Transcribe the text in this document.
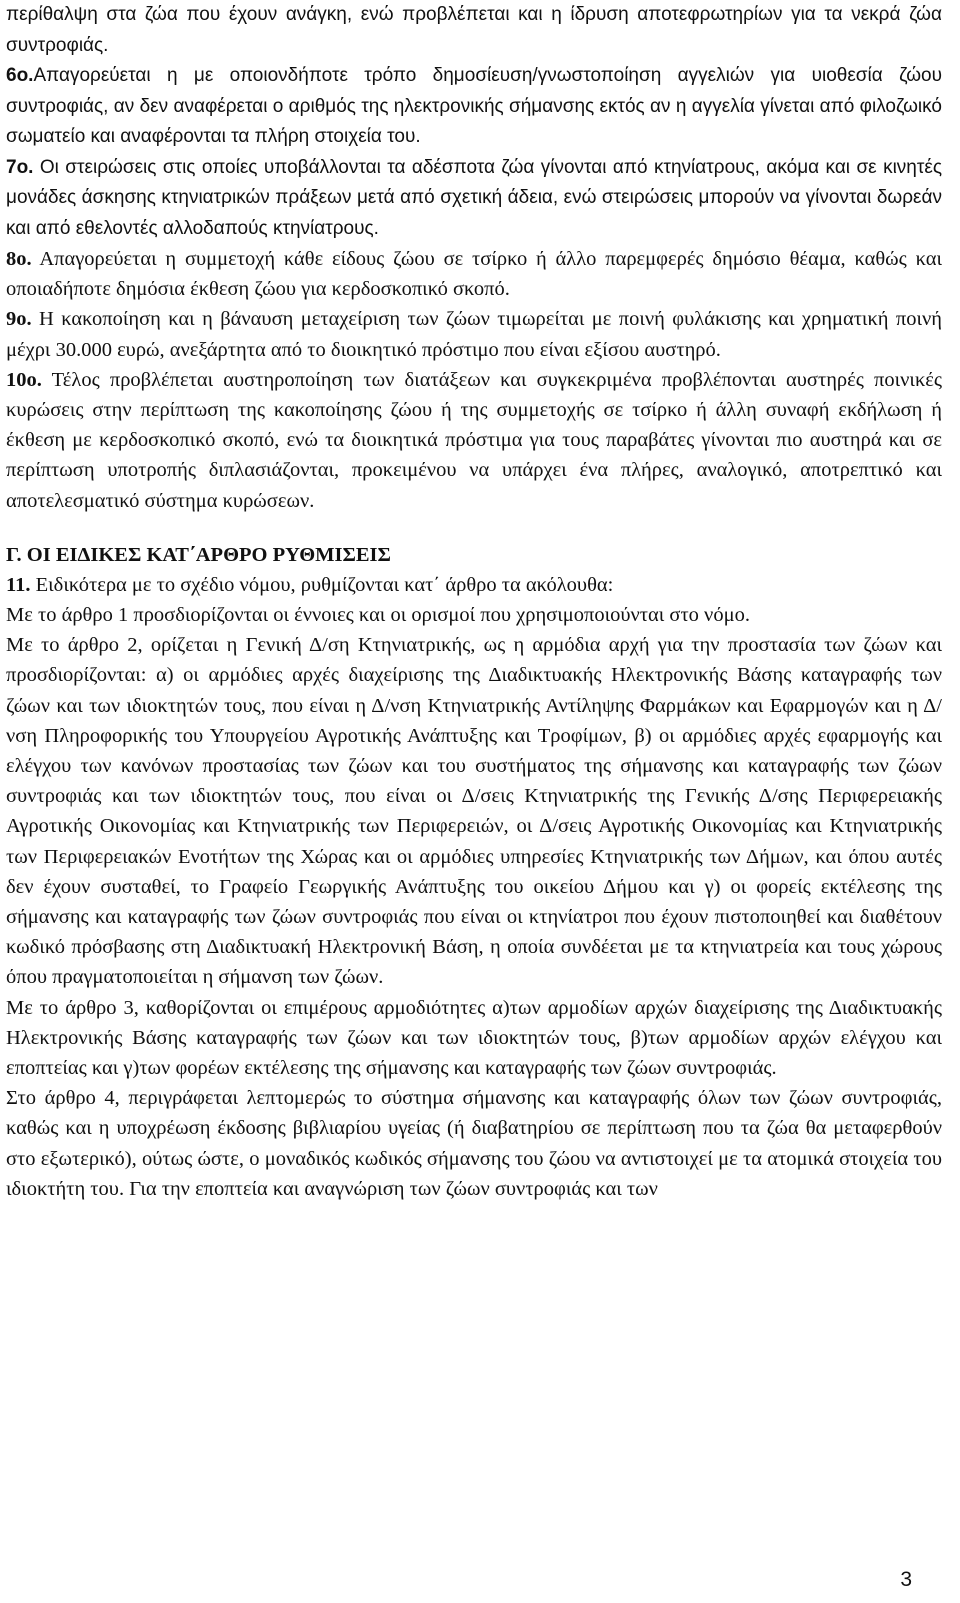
περίθαλψη στα ζώα που έχουν ανάγκη, ενώ προβλέπεται και η ίδρυση αποτεφρωτηρίων για τα νεκρά ζώα συντροφιάς.

6ο.Απαγορεύεται η με οποιονδήποτε τρόπο δημοσίευση/γνωστοποίηση αγγελιών για υιοθεσία ζώου συντροφιάς, αν δεν αναφέρεται ο αριθμός της ηλεκτρονικής σήμανσης εκτός αν η αγγελία γίνεται από φιλοζωικό σωματείο και αναφέρονται τα πλήρη στοιχεία του.

7ο. Οι στειρώσεις στις οποίες υποβάλλονται τα αδέσποτα ζώα γίνονται από κτηνίατρους, ακόμα και σε κινητές μονάδες άσκησης κτηνιατρικών πράξεων μετά από σχετική άδεια, ενώ στειρώσεις μπορούν να γίνονται δωρεάν και από εθελοντές αλλοδαπούς κτηνίατρους.

8ο. Απαγορεύεται η συμμετοχή κάθε είδους ζώου σε τσίρκο ή άλλο παρεμφερές δημόσιο θέαμα, καθώς και οποιαδήποτε δημόσια έκθεση ζώου για κερδοσκοπικό σκοπό.

9ο. Η κακοποίηση και η βάναυση μεταχείριση των ζώων τιμωρείται με ποινή φυλάκισης και χρηματική ποινή μέχρι 30.000 ευρώ, ανεξάρτητα από το διοικητικό πρόστιμο που είναι εξίσου αυστηρό.

10ο. Τέλος προβλέπεται αυστηροποίηση των διατάξεων και συγκεκριμένα προβλέπονται αυστηρές ποινικές κυρώσεις στην περίπτωση της κακοποίησης ζώου ή της συμμετοχής σε τσίρκο ή άλλη συναφή εκδήλωση ή έκθεση με κερδοσκοπικό σκοπό, ενώ τα διοικητικά πρόστιμα για τους παραβάτες γίνονται πιο αυστηρά και σε περίπτωση υποτροπής διπλασιάζονται, προκειμένου να υπάρχει ένα πλήρες, αναλογικό, αποτρεπτικό και αποτελεσματικό σύστημα κυρώσεων.

Γ. ΟΙ ΕΙΔΙΚΕΣ ΚΑΤ΄ΑΡΘΡΟ ΡΥΘΜΙΣΕΙΣ

11. Ειδικότερα με το σχέδιο νόμου, ρυθμίζονται κατ΄ άρθρο τα ακόλουθα:

Με το άρθρο 1 προσδιορίζονται οι έννοιες και οι ορισμοί που χρησιμοποιούνται στο νόμο.

Με το άρθρο 2, ορίζεται η Γενική Δ/ση Κτηνιατρικής, ως η αρμόδια αρχή για την προστασία των ζώων και προσδιορίζονται: α) οι αρμόδιες αρχές διαχείρισης της Διαδικτυακής Ηλεκτρονικής Βάσης καταγραφής των ζώων και των ιδιοκτητών τους, που είναι η Δ/νση Κτηνιατρικής Αντίληψης Φαρμάκων και Εφαρμογών και η Δ/νση Πληροφορικής του Υπουργείου Αγροτικής Ανάπτυξης και Τροφίμων, β) οι αρμόδιες αρχές εφαρμογής και ελέγχου των κανόνων προστασίας των ζώων και του συστήματος της σήμανσης και καταγραφής των ζώων συντροφιάς και των ιδιοκτητών τους, που είναι οι Δ/σεις Κτηνιατρικής της Γενικής Δ/σης Περιφερειακής Αγροτικής Οικονομίας και Κτηνιατρικής των Περιφερειών, οι Δ/σεις Αγροτικής Οικονομίας και Κτηνιατρικής των Περιφερειακών Ενοτήτων της Χώρας και οι αρμόδιες υπηρεσίες Κτηνιατρικής των Δήμων, και όπου αυτές δεν έχουν συσταθεί, το Γραφείο Γεωργικής Ανάπτυξης του οικείου Δήμου και γ) οι φορείς εκτέλεσης της σήμανσης και καταγραφής των ζώων συντροφιάς που είναι οι κτηνίατροι που έχουν πιστοποιηθεί και διαθέτουν κωδικό πρόσβασης στη Διαδικτυακή Ηλεκτρονική Βάση, η οποία συνδέεται με τα κτηνιατρεία και τους χώρους όπου πραγματοποιείται η σήμανση των ζώων.

Με το άρθρο 3, καθορίζονται οι επιμέρους αρμοδιότητες α)των αρμοδίων αρχών διαχείρισης της Διαδικτυακής Ηλεκτρονικής Βάσης καταγραφής των ζώων και των ιδιοκτητών τους, β)των αρμοδίων αρχών ελέγχου και εποπτείας και γ)των φορέων εκτέλεσης της σήμανσης και καταγραφής των ζώων συντροφιάς.

Στο άρθρο 4, περιγράφεται λεπτομερώς το σύστημα σήμανσης και καταγραφής όλων των ζώων συντροφιάς, καθώς και η υποχρέωση έκδοσης βιβλιαρίου υγείας (ή διαβατηρίου σε περίπτωση που τα ζώα θα μεταφερθούν στο εξωτερικό), ούτως ώστε, ο μοναδικός κωδικός σήμανσης του ζώου να αντιστοιχεί με τα ατομικά στοιχεία του ιδιοκτήτη του. Για την εποπτεία και αναγνώριση των ζώων συντροφιάς και των

3
